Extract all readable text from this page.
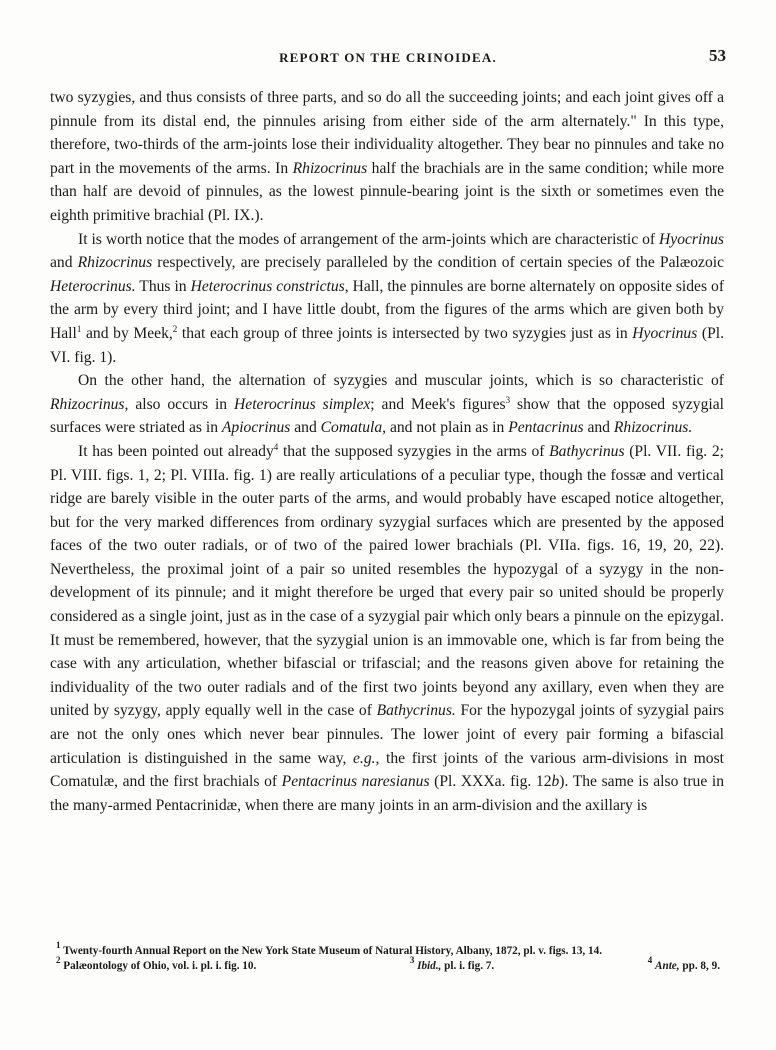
REPORT ON THE CRINOIDEA.	53

two syzygies, and thus consists of three parts, and so do all the succeeding joints; and each joint gives off a pinnule from its distal end, the pinnules arising from either side of the arm alternately." In this type, therefore, two-thirds of the arm-joints lose their individuality altogether. They bear no pinnules and take no part in the movements of the arms. In Rhizocrinus half the brachials are in the same condition; while more than half are devoid of pinnules, as the lowest pinnule-bearing joint is the sixth or sometimes even the eighth primitive brachial (Pl. IX.).

It is worth notice that the modes of arrangement of the arm-joints which are characteristic of Hyocrinus and Rhizocrinus respectively, are precisely paralleled by the condition of certain species of the Palæozoic Heterocrinus. Thus in Heterocrinus constrictus, Hall, the pinnules are borne alternately on opposite sides of the arm by every third joint; and I have little doubt, from the figures of the arms which are given both by Hall$^1$ and by Meek,$^2$ that each group of three joints is intersected by two syzygies just as in Hyocrinus (Pl. VI. fig. 1).

On the other hand, the alternation of syzygies and muscular joints, which is so characteristic of Rhizocrinus, also occurs in Heterocrinus simplex; and Meek's figures$^3$ show that the opposed syzygial surfaces were striated as in Apiocrinus and Comatula, and not plain as in Pentacrinus and Rhizocrinus.

It has been pointed out already$^4$ that the supposed syzygies in the arms of Bathycrinus (Pl. VII. fig. 2; Pl. VIII. figs. 1, 2; Pl. VIIIa. fig. 1) are really articulations of a peculiar type, though the fossæ and vertical ridge are barely visible in the outer parts of the arms, and would probably have escaped notice altogether, but for the very marked differences from ordinary syzygial surfaces which are presented by the apposed faces of the two outer radials, or of two of the paired lower brachials (Pl. VIIa. figs. 16, 19, 20, 22). Nevertheless, the proximal joint of a pair so united resembles the hypozygal of a syzygy in the non-development of its pinnule; and it might therefore be urged that every pair so united should be properly considered as a single joint, just as in the case of a syzygial pair which only bears a pinnule on the epizygal. It must be remembered, however, that the syzygial union is an immovable one, which is far from being the case with any articulation, whether bifascial or trifascial; and the reasons given above for retaining the individuality of the two outer radials and of the first two joints beyond any axillary, even when they are united by syzygy, apply equally well in the case of Bathycrinus. For the hypozygal joints of syzygial pairs are not the only ones which never bear pinnules. The lower joint of every pair forming a bifascial articulation is distinguished in the same way, e.g., the first joints of the various arm-divisions in most Comatulæ, and the first brachials of Pentacrinus naresianus (Pl. XXXa. fig. 12b). The same is also true in the many-armed Pentacrinidæ, when there are many joints in an arm-division and the axillary is

$^1$ Twenty-fourth Annual Report on the New York State Museum of Natural History, Albany, 1872, pl. v. figs. 13, 14.
$^2$ Palæontology of Ohio, vol. i. pl. i. fig. 10.	$^3$ Ibid., pl. i. fig. 7.	$^4$ Ante, pp. 8, 9.
